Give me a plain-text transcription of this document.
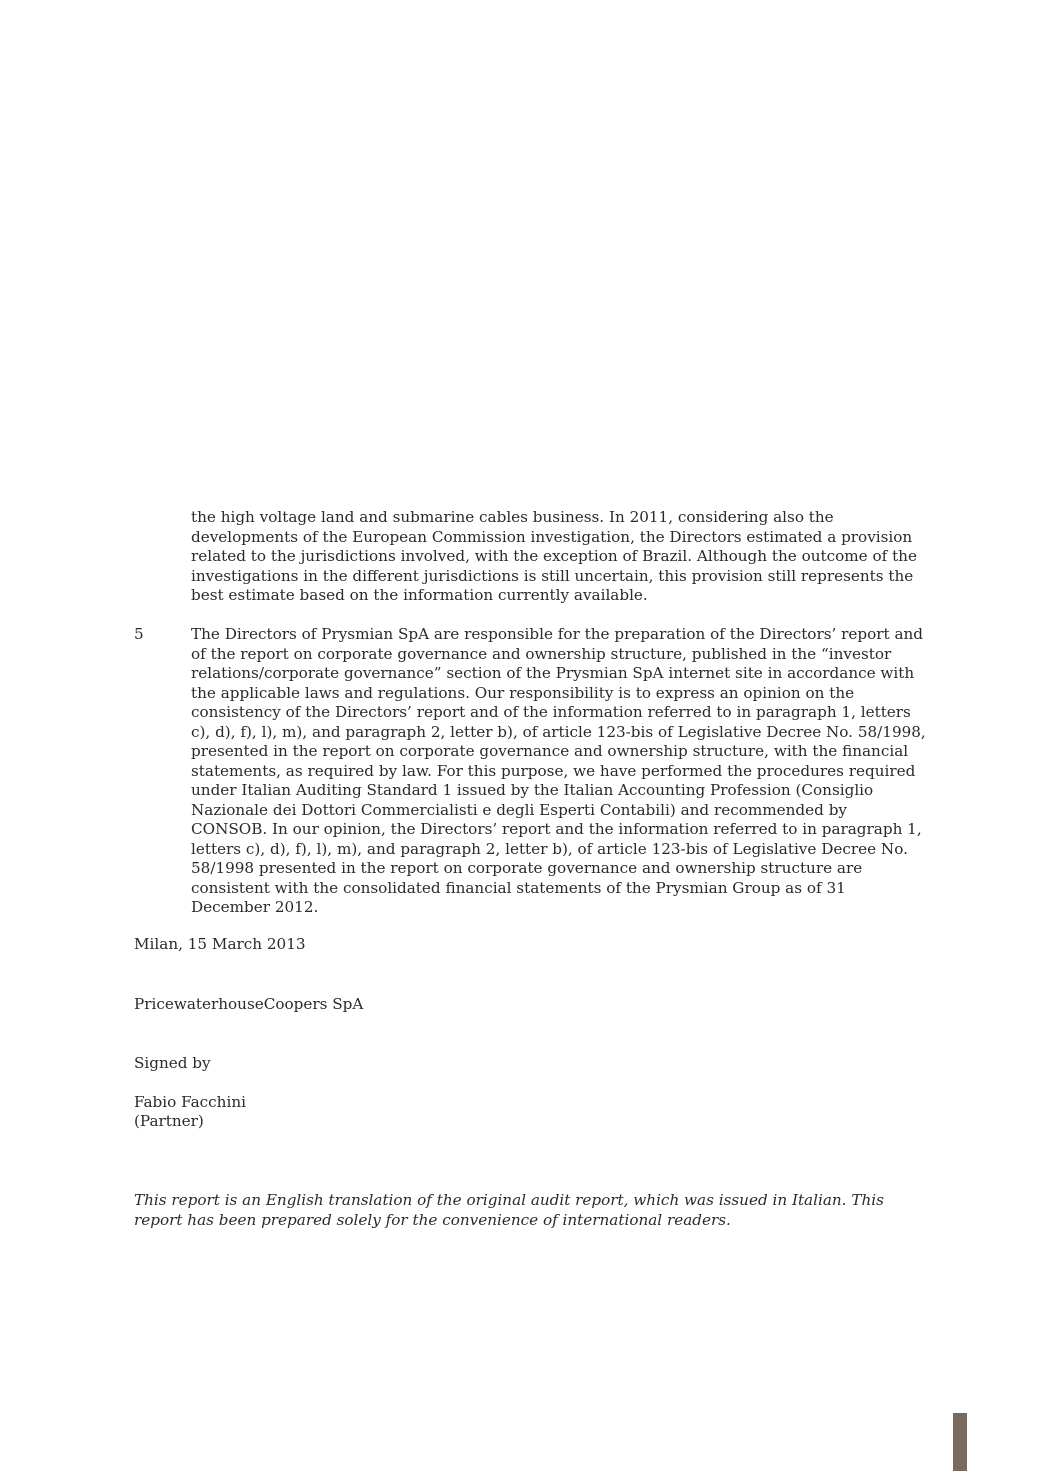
the high voltage land and submarine cables business. In 2011, considering also the
developments of the European Commission investigation, the Directors estimated a provision
related to the jurisdictions involved, with the exception of Brazil. Although the outcome of the
investigations in the different jurisdictions is still uncertain, this provision still represents the
best estimate based on the information currently available.
5	The Directors of Prysmian SpA are responsible for the preparation of the Directors’ report and
of the report on corporate governance and ownership structure, published in the “investor
relations/corporate governance” section of the Prysmian SpA internet site in accordance with
the applicable laws and regulations. Our responsibility is to express an opinion on the
consistency of the Directors’ report and of the information referred to in paragraph 1, letters
c), d), f), l), m), and paragraph 2, letter b), of article 123-bis of Legislative Decree No. 58/1998,
presented in the report on corporate governance and ownership structure, with the financial
statements, as required by law. For this purpose, we have performed the procedures required
under Italian Auditing Standard 1 issued by the Italian Accounting Profession (Consiglio
Nazionale dei Dottori Commercialisti e degli Esperti Contabili) and recommended by
CONSOB. In our opinion, the Directors’ report and the information referred to in paragraph 1,
letters c), d), f), l), m), and paragraph 2, letter b), of article 123-bis of Legislative Decree No.
58/1998 presented in the report on corporate governance and ownership structure are
consistent with the consolidated financial statements of the Prysmian Group as of 31
December 2012.
Milan, 15 March 2013
PricewaterhouseCoopers SpA
Signed by
Fabio Facchini
(Partner)
This report is an English translation of the original audit report, which was issued in Italian. This
report has been prepared solely for the convenience of international readers.
